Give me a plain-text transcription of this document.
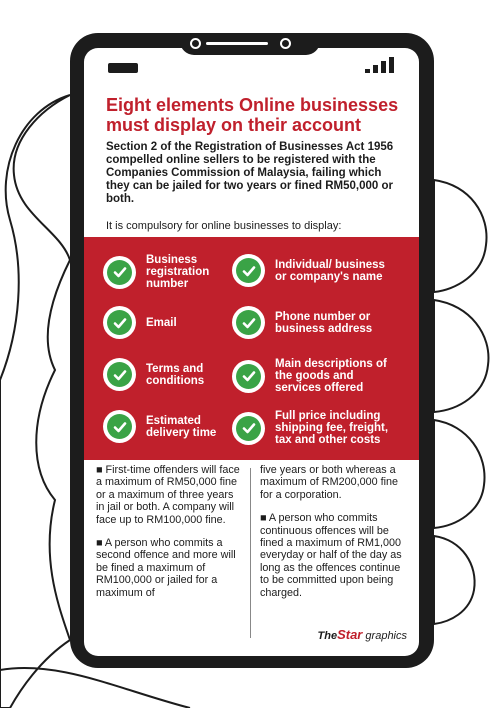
Eight elements Online businesses must display on their account

Section 2 of the Registration of Businesses Act 1956 compelled online sellers to be registered with the Companies Commission of Malaysia, failing which they can be jailed for two years or fined RM50,000 or both.

It is compulsory for online businesses to display:

Business registration number
Individual/ business or company's name
Email	Phone number or business address
Terms and conditions
Main descriptions of the goods and services offered
Estimated delivery time
Full price including shipping fee, freight, tax and other costs

■ First-time offenders will face a maximum of RM50,000 fine or a maximum of three years in jail or both. A company will face up to RM100,000 fine.

■ A person who commits a second offence and more will be fined a maximum of RM100,000 or jailed for a maximum of

five years or both whereas a maximum of RM200,000 fine for a corporation.

■ A person who commits continuous offences will be fined a maximum of RM1,000 everyday or half of the day as long as the offences continue to be committed upon being charged.

TheStar graphics
